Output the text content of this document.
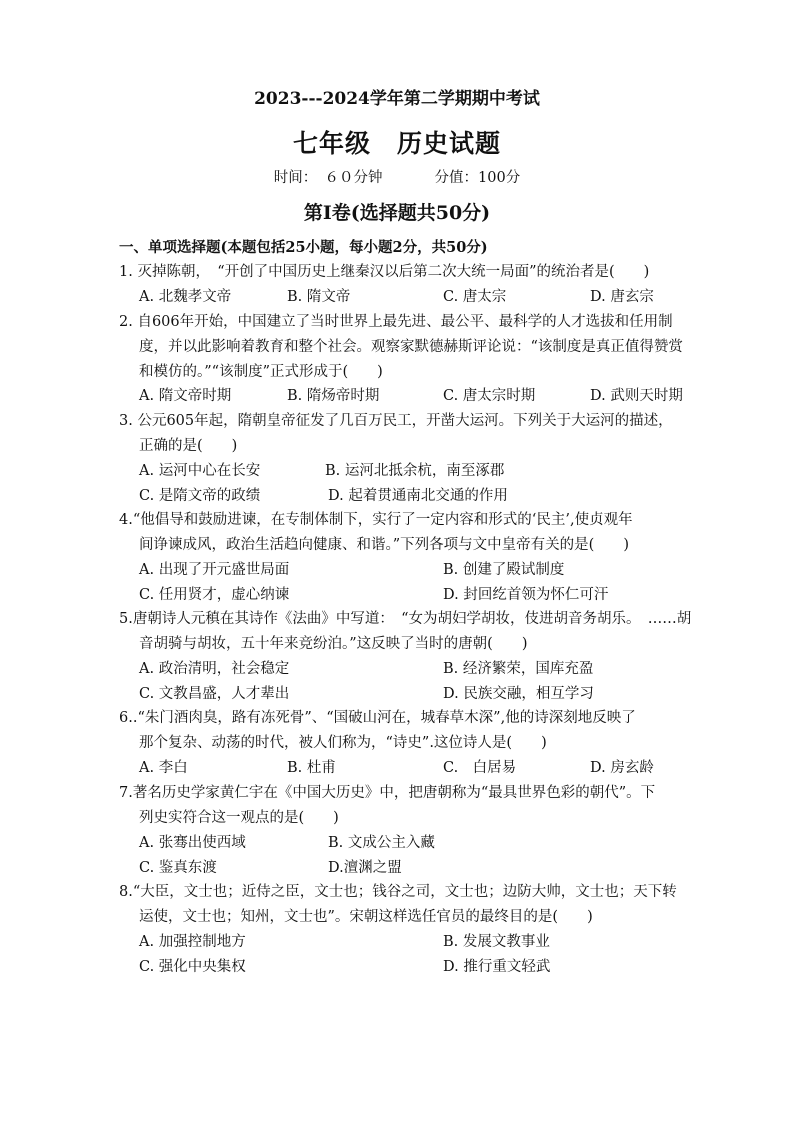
2023---2024学年第二学期期中考试
七年级　历史试题
时间：　６０分钟	分值：100分
第Ⅰ卷(选择题共50分)
一、单项选择题(本题包括25小题，每小题2分，共50分)
1. 灭掉陈朝，　“开创了中国历史上继秦汉以后第二次大统一局面”的统治者是(　　)
A. 北魏孝文帝	B. 隋文帝	C. 唐太宗	D. 唐玄宗
2. 自606年开始，中国建立了当时世界上最先进、最公平、最科学的人才选拔和任用制
度，并以此影响着教育和整个社会。观察家默德赫斯评论说：“该制度是真正值得赞赏
和模仿的。”“该制度”正式形成于(　　)
A. 隋文帝时期	B. 隋炀帝时期	C. 唐太宗时期	D. 武则天时期
3. 公元605年起，隋朝皇帝征发了几百万民工，开凿大运河。下列关于大运河的描述，
正确的是(　　)
A. 运河中心在长安	B. 运河北抵余杭，南至涿郡
C. 是隋文帝的政绩	D. 起着贯通南北交通的作用
4.“他倡导和鼓励进谏，在专制体制下，实行了一定内容和形式的‘民主’,使贞观年
间诤谏成风，政治生活趋向健康、和谐。”下列各项与文中皇帝有关的是(　　)
A. 出现了开元盛世局面	B. 创建了殿试制度
C. 任用贤才，虚心纳谏	D. 封回纥首领为怀仁可汗
5.唐朝诗人元稹在其诗作《法曲》中写道：　“女为胡妇学胡妆，伎进胡音务胡乐。　……胡
音胡骑与胡妆，五十年来竞纷泊。”这反映了当时的唐朝(　　)
A. 政治清明，社会稳定	B. 经济繁荣，国库充盈
C. 文教昌盛，人才辈出	D. 民族交融，相互学习
6..“朱门酒肉臭，路有冻死骨”、“国破山河在，城春草木深”,他的诗深刻地反映了
那个复杂、动荡的时代，被人们称为，“诗史”.这位诗人是(　　)
A. 李白	B. 杜甫	C.　白居易	D. 房玄龄
7.著名历史学家黄仁宇在《中国大历史》中，把唐朝称为“最具世界色彩的朝代”。下
列史实符合这一观点的是(　　)
A. 张骞出使西域	B. 文成公主入藏
C. 鉴真东渡	D.澶渊之盟
8.“大臣，文士也；近侍之臣，文士也；钱谷之司，文士也；边防大帅，文士也；天下转
运使，文士也；知州，文士也”。宋朝这样选任官员的最终目的是(　　)
A. 加强控制地方	B. 发展文教事业
C. 强化中央集权	D. 推行重文轻武
